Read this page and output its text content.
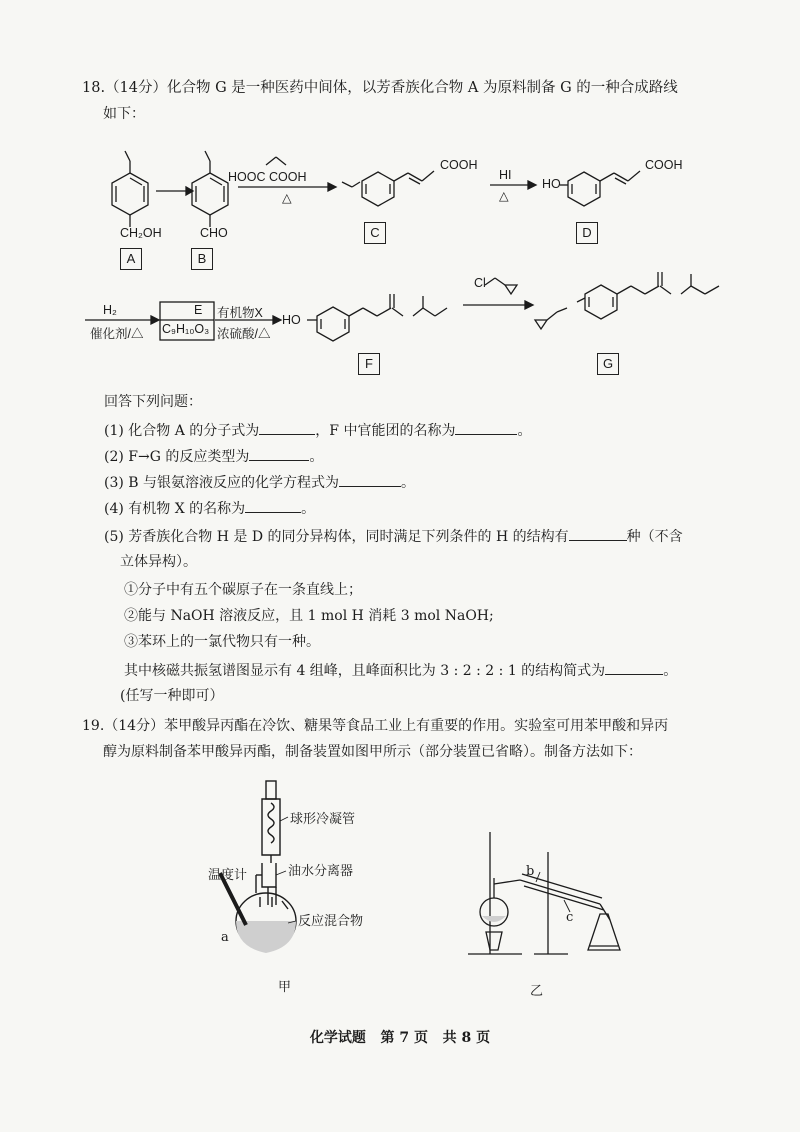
18.（14分）化合物 G 是一种医药中间体，以芳香族化合物 A 为原料制备 G 的一种合成路线
如下：
CH₂OH	CHO
HOOC COOH
△
COOH
HI
△
HO
COOH
A	B
C	D
H₂
催化剂/△
E
C₉H₁₀O₃
有机物X
浓硫酸/△
HO
Cl
F	G
回答下列问题：
(1) 化合物 A 的分子式为	，F 中官能团的名称为	。
(2) F→G 的反应类型为	。
(3) B 与银氨溶液反应的化学方程式为	。
(4) 有机物 X 的名称为	。
(5) 芳香族化合物 H 是 D 的同分异构体，同时满足下列条件的 H 的结构有	种（不含
立体异构）。
①分子中有五个碳原子在一条直线上；
②能与 NaOH 溶液反应，且 1 mol H 消耗 3 mol NaOH;
③苯环上的一氯代物只有一种。
其中核磁共振氢谱图显示有 4 组峰，且峰面积比为 3 : 2 : 2 : 1 的结构简式为	。
(任写一种即可）
19.（14分）苯甲酸异丙酯在冷饮、糖果等食品工业上有重要的作用。实验室可用苯甲酸和异丙
醇为原料制备苯甲酸异丙酯，制备装置如图甲所示（部分装置已省略）。制备方法如下：
球形冷凝管
油水分离器
温度计
a
反应混合物
甲
b
c
乙
化学试题 第 7 页 共 8 页
